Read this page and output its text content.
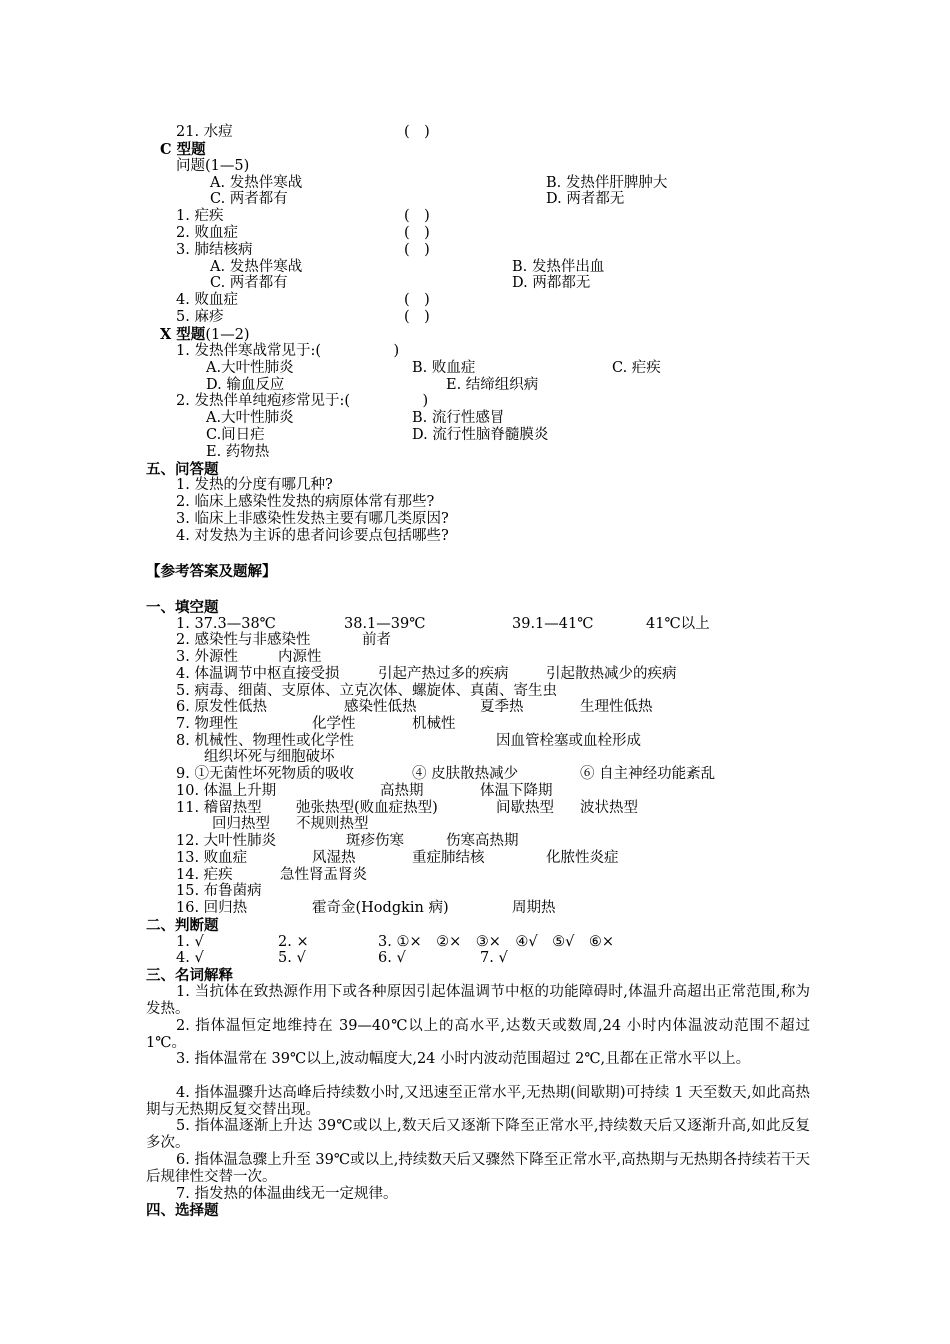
21. 水痘	(　)
C 型题
问题(1—5)
A. 发热伴寒战	B. 发热伴肝脾肿大
C. 两者都有	D. 两者都无
1. 疟疾	(　)
2. 败血症	(　)
3. 肺结核病	(　)
A. 发热伴寒战	B. 发热伴出血
C. 两者都有	D. 两都都无
4. 败血症	(　)
5. 麻疹	(　)
X 型题(1—2)
1. 发热伴寒战常见于:(　　　　　)
A.大叶性肺炎	B. 败血症	C. 疟疾
D. 输血反应	E. 结缔组织病
2. 发热伴单纯疱疹常见于:(　　　　　)
A.大叶性肺炎	B. 流行性感冒
C.间日疟	D. 流行性脑脊髓膜炎
E. 药物热
五、问答题
1. 发热的分度有哪几种?
2. 临床上感染性发热的病原体常有那些?
3. 临床上非感染性发热主要有哪几类原因?
4. 对发热为主诉的患者问诊要点包括哪些?
【参考答案及题解】
一、填空题
1. 37.3—38℃	38.1—39℃	39.1—41℃	41℃以上
2. 感染性与非感染性	前者
3. 外源性	内源性
4. 体温调节中枢直接受损	引起产热过多的疾病	引起散热减少的疾病
5. 病毒、细菌、支原体、立克次体、螺旋体、真菌、寄生虫
6. 原发性低热	感染性低热	夏季热	生理性低热
7. 物理性	化学性	机械性
8. 机械性、物理性或化学性	因血管栓塞或血栓形成
组织坏死与细胞破坏
9. ①无菌性坏死物质的吸收	④ 皮肤散热减少	⑥ 自主神经功能紊乱
10. 体温上升期	高热期	体温下降期
11. 稽留热型 弛张热型(败血症热型)	间歇热型 波状热型
回归热型 不规则热型
12. 大叶性肺炎	斑疹伤寒	伤寒高热期
13. 败血症	风湿热	重症肺结核	化脓性炎症
14. 疟疾	急性肾盂肾炎
15. 布鲁菌病
16. 回归热	霍奇金(Hodgkin 病)	周期热
二、判断题
1. √	2. ×	3. ①×　②×　③×　④√　⑤√　⑥×
4. √	5. √	6. √	7. √
三、名词解释
1. 当抗体在致热源作用下或各种原因引起体温调节中枢的功能障碍时,体温升高超出正常范围,称为发热。
2. 指体温恒定地维持在 39—40℃以上的高水平,达数天或数周,24 小时内体温波动范围不超过 1℃。
3. 指体温常在 39℃以上,波动幅度大,24 小时内波动范围超过 2℃,且都在正常水平以上。
4. 指体温骤升达高峰后持续数小时,又迅速至正常水平,无热期(间歇期)可持续 1 天至数天,如此高热期与无热期反复交替出现。
5. 指体温逐渐上升达 39℃或以上,数天后又逐渐下降至正常水平,持续数天后又逐渐升高,如此反复多次。
6. 指体温急骤上升至 39℃或以上,持续数天后又骤然下降至正常水平,高热期与无热期各持续若干天后规律性交替一次。
7. 指发热的体温曲线无一定规律。
四、选择题
